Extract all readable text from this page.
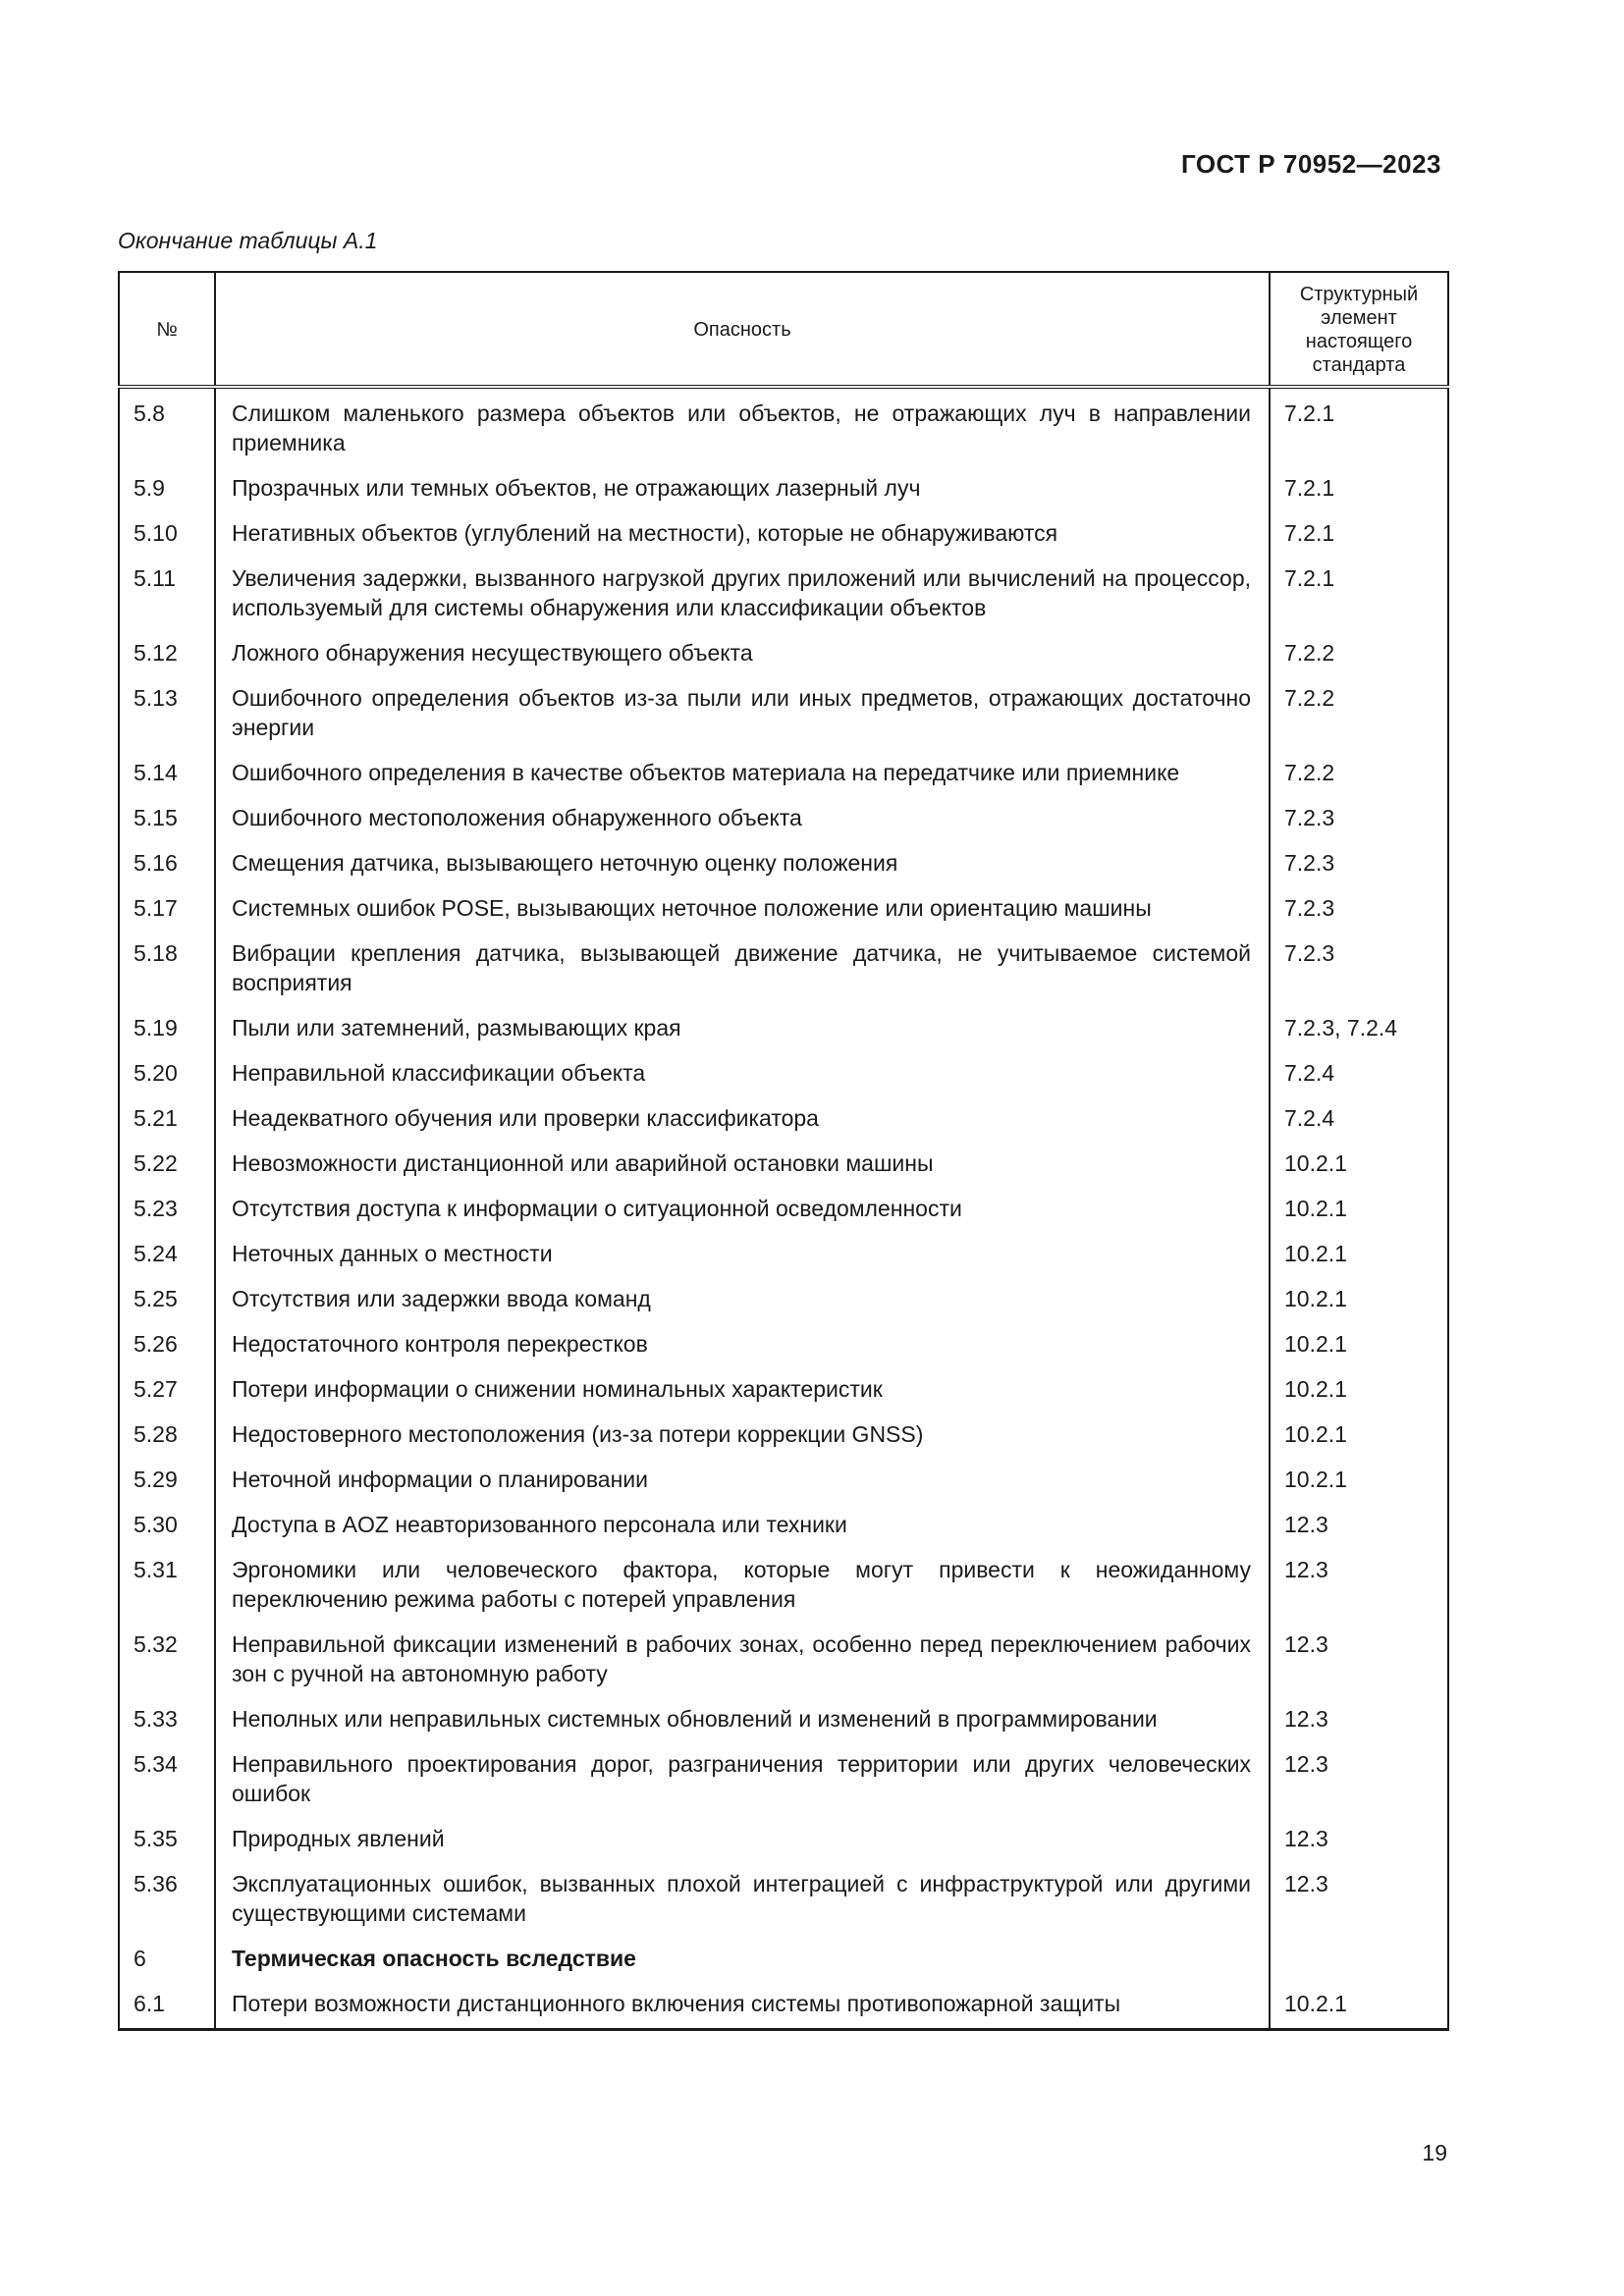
ГОСТ Р 70952—2023

Окончание таблицы А.1

№	Опасность	Структурный элемент настоящего стандарта
5.8	Слишком маленького размера объектов или объектов, не отражающих луч в направлении приемника	7.2.1
5.9	Прозрачных или темных объектов, не отражающих лазерный луч	7.2.1
5.10	Негативных объектов (углублений на местности), которые не обнаруживаются	7.2.1
5.11	Увеличения задержки, вызванного нагрузкой других приложений или вычислений на процессор, используемый для системы обнаружения или классификации объектов	7.2.1
5.12	Ложного обнаружения несуществующего объекта	7.2.2
5.13	Ошибочного определения объектов из-за пыли или иных предметов, отражающих достаточно энергии	7.2.2
5.14	Ошибочного определения в качестве объектов материала на передатчике или приемнике	7.2.2
5.15	Ошибочного местоположения обнаруженного объекта	7.2.3
5.16	Смещения датчика, вызывающего неточную оценку положения	7.2.3
5.17	Системных ошибок POSE, вызывающих неточное положение или ориентацию машины	7.2.3
5.18	Вибрации крепления датчика, вызывающей движение датчика, не учитываемое системой восприятия	7.2.3
5.19	Пыли или затемнений, размывающих края	7.2.3, 7.2.4
5.20	Неправильной классификации объекта	7.2.4
5.21	Неадекватного обучения или проверки классификатора	7.2.4
5.22	Невозможности дистанционной или аварийной остановки машины	10.2.1
5.23	Отсутствия доступа к информации о ситуационной осведомленности	10.2.1
5.24	Неточных данных о местности	10.2.1
5.25	Отсутствия или задержки ввода команд	10.2.1
5.26	Недостаточного контроля перекрестков	10.2.1
5.27	Потери информации о снижении номинальных характеристик	10.2.1
5.28	Недостоверного местоположения (из-за потери коррекции GNSS)	10.2.1
5.29	Неточной информации о планировании	10.2.1
5.30	Доступа в AOZ неавторизованного персонала или техники	12.3
5.31	Эргономики или человеческого фактора, которые могут привести к неожиданному переключению режима работы с потерей управления	12.3
5.32	Неправильной фиксации изменений в рабочих зонах, особенно перед переключением рабочих зон с ручной на автономную работу	12.3
5.33	Неполных или неправильных системных обновлений и изменений в программировании	12.3
5.34	Неправильного проектирования дорог, разграничения территории или других человеческих ошибок	12.3
5.35	Природных явлений	12.3
5.36	Эксплуатационных ошибок, вызванных плохой интеграцией с инфраструктурой или другими существующими системами	12.3
6	Термическая опасность вследствие	
6.1	Потери возможности дистанционного включения системы противопожарной защиты	10.2.1

19
